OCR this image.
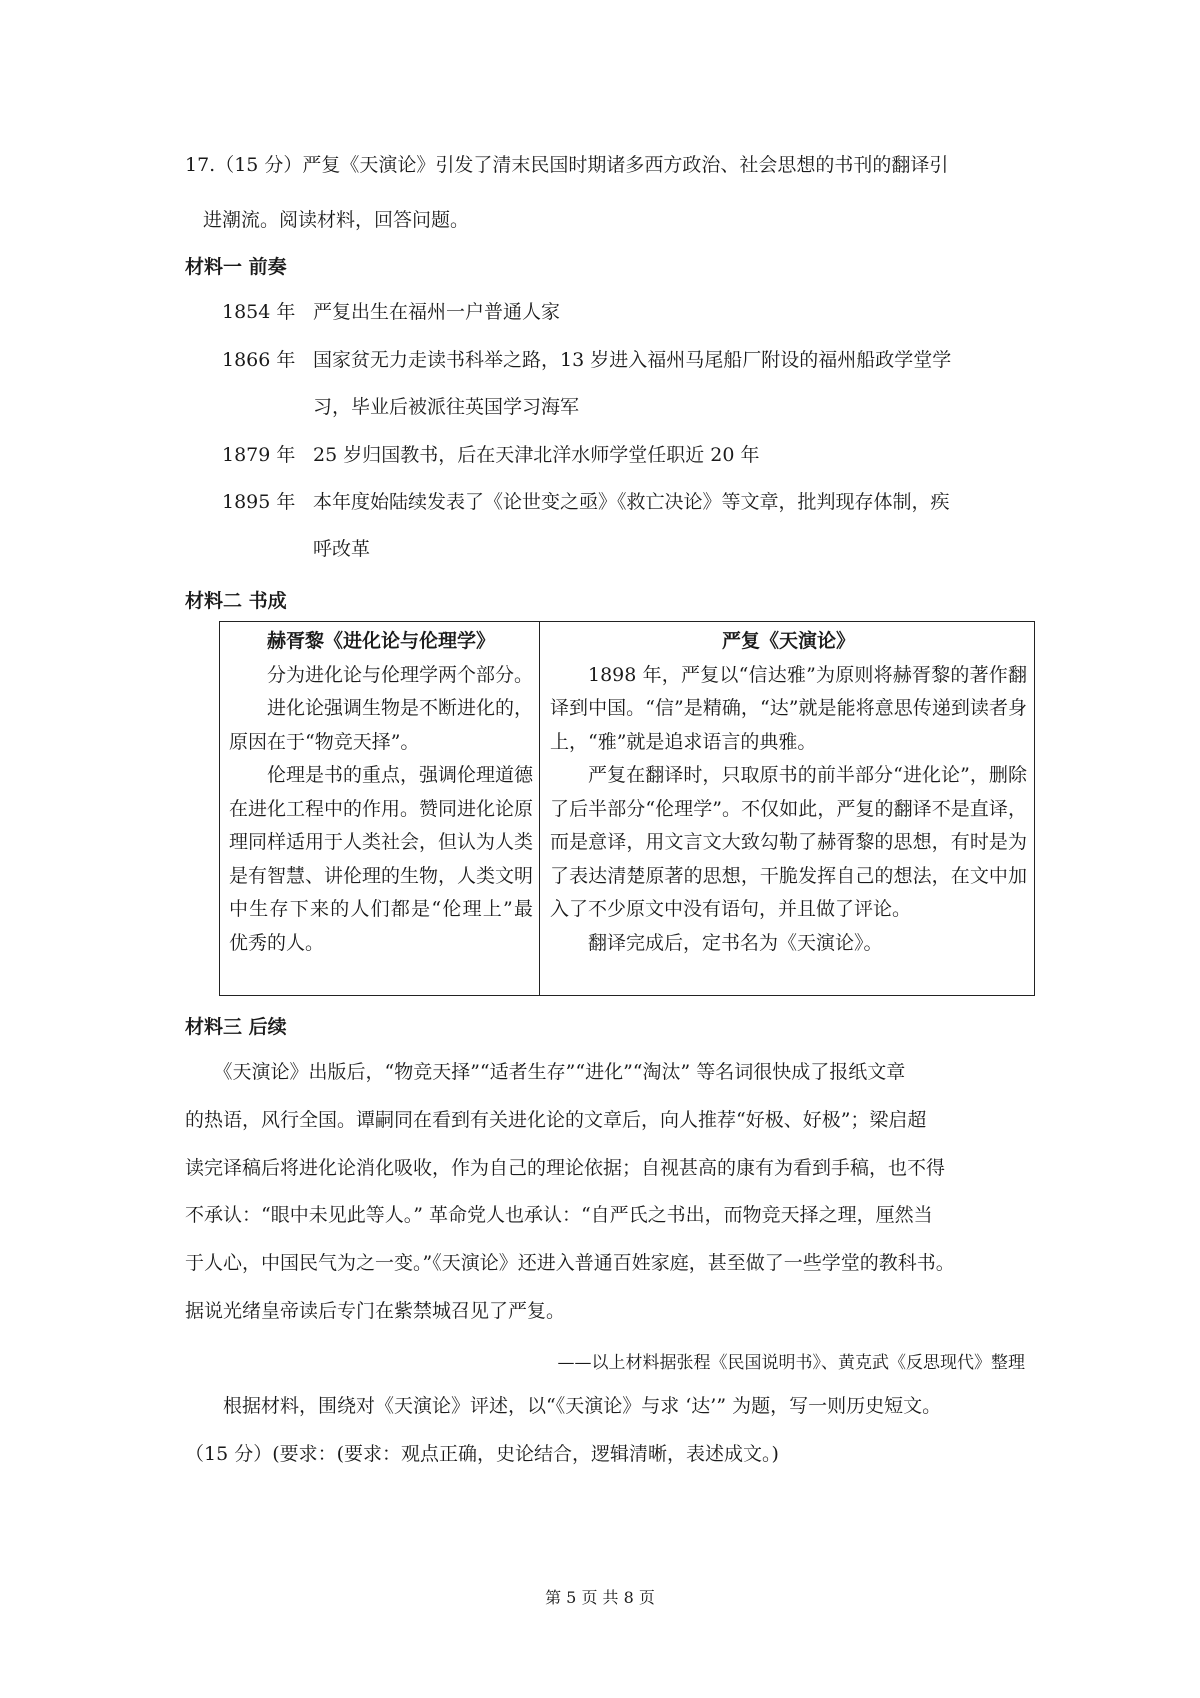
17.（15 分）严复《天演论》引发了清末民国时期诸多西方政治、社会思想的书刊的翻译引
进潮流。阅读材料，回答问题。
材料一 前奏
1854 年 严复出生在福州一户普通人家
1866 年 国家贫无力走读书科举之路，13 岁进入福州马尾船厂附设的福州船政学堂学
习，毕业后被派往英国学习海军
1879 年 25 岁归国教书，后在天津北洋水师学堂任职近 20 年
1895 年 本年度始陆续发表了《论世变之亟》《救亡决论》等文章，批判现存体制，疾
呼改革
材料二 书成
赫胥黎《进化论与伦理学》

分为进化论与伦理学两个部分。

进化论强调生物是不断进化的，原因在于“物竞天择”。

伦理是书的重点，强调伦理道德在进化工程中的作用。赞同进化论原理同样适用于人类社会，但认为人类是有智慧、讲伦理的生物，人类文明中生存下来的人们都是“伦理上”最优秀的人。

严复《天演论》

1898 年，严复以“信达雅”为原则将赫胥黎的著作翻译到中国。“信”是精确，“达”就是能将意思传递到读者身上，“雅”就是追求语言的典雅。

严复在翻译时，只取原书的前半部分“进化论”，删除了后半部分“伦理学”。不仅如此，严复的翻译不是直译，而是意译，用文言文大致勾勒了赫胥黎的思想，有时是为了表达清楚原著的思想，干脆发挥自己的想法，在文中加入了不少原文中没有语句，并且做了评论。

翻译完成后，定书名为《天演论》。

材料三 后续
　　《天演论》出版后，“物竞天择”“适者生存”“进化”“淘汰” 等名词很快成了报纸文章
的热语，风行全国。谭嗣同在看到有关进化论的文章后，向人推荐“好极、好极”；梁启超
读完译稿后将进化论消化吸收，作为自己的理论依据；自视甚高的康有为看到手稿，也不得
不承认：“眼中未见此等人。” 革命党人也承认：“自严氏之书出，而物竞天择之理，厘然当
于人心，中国民气为之一变。”《天演论》还进入普通百姓家庭，甚至做了一些学堂的教科书。
据说光绪皇帝读后专门在紫禁城召见了严复。
——以上材料据张程《民国说明书》、黄克武《反思现代》整理
　　根据材料，围绕对《天演论》评述，以“《天演论》与求 ‘达’” 为题，写一则历史短文。
（15 分）(要求：(要求：观点正确，史论结合，逻辑清晰，表述成文。)
第 5 页 共 8 页
